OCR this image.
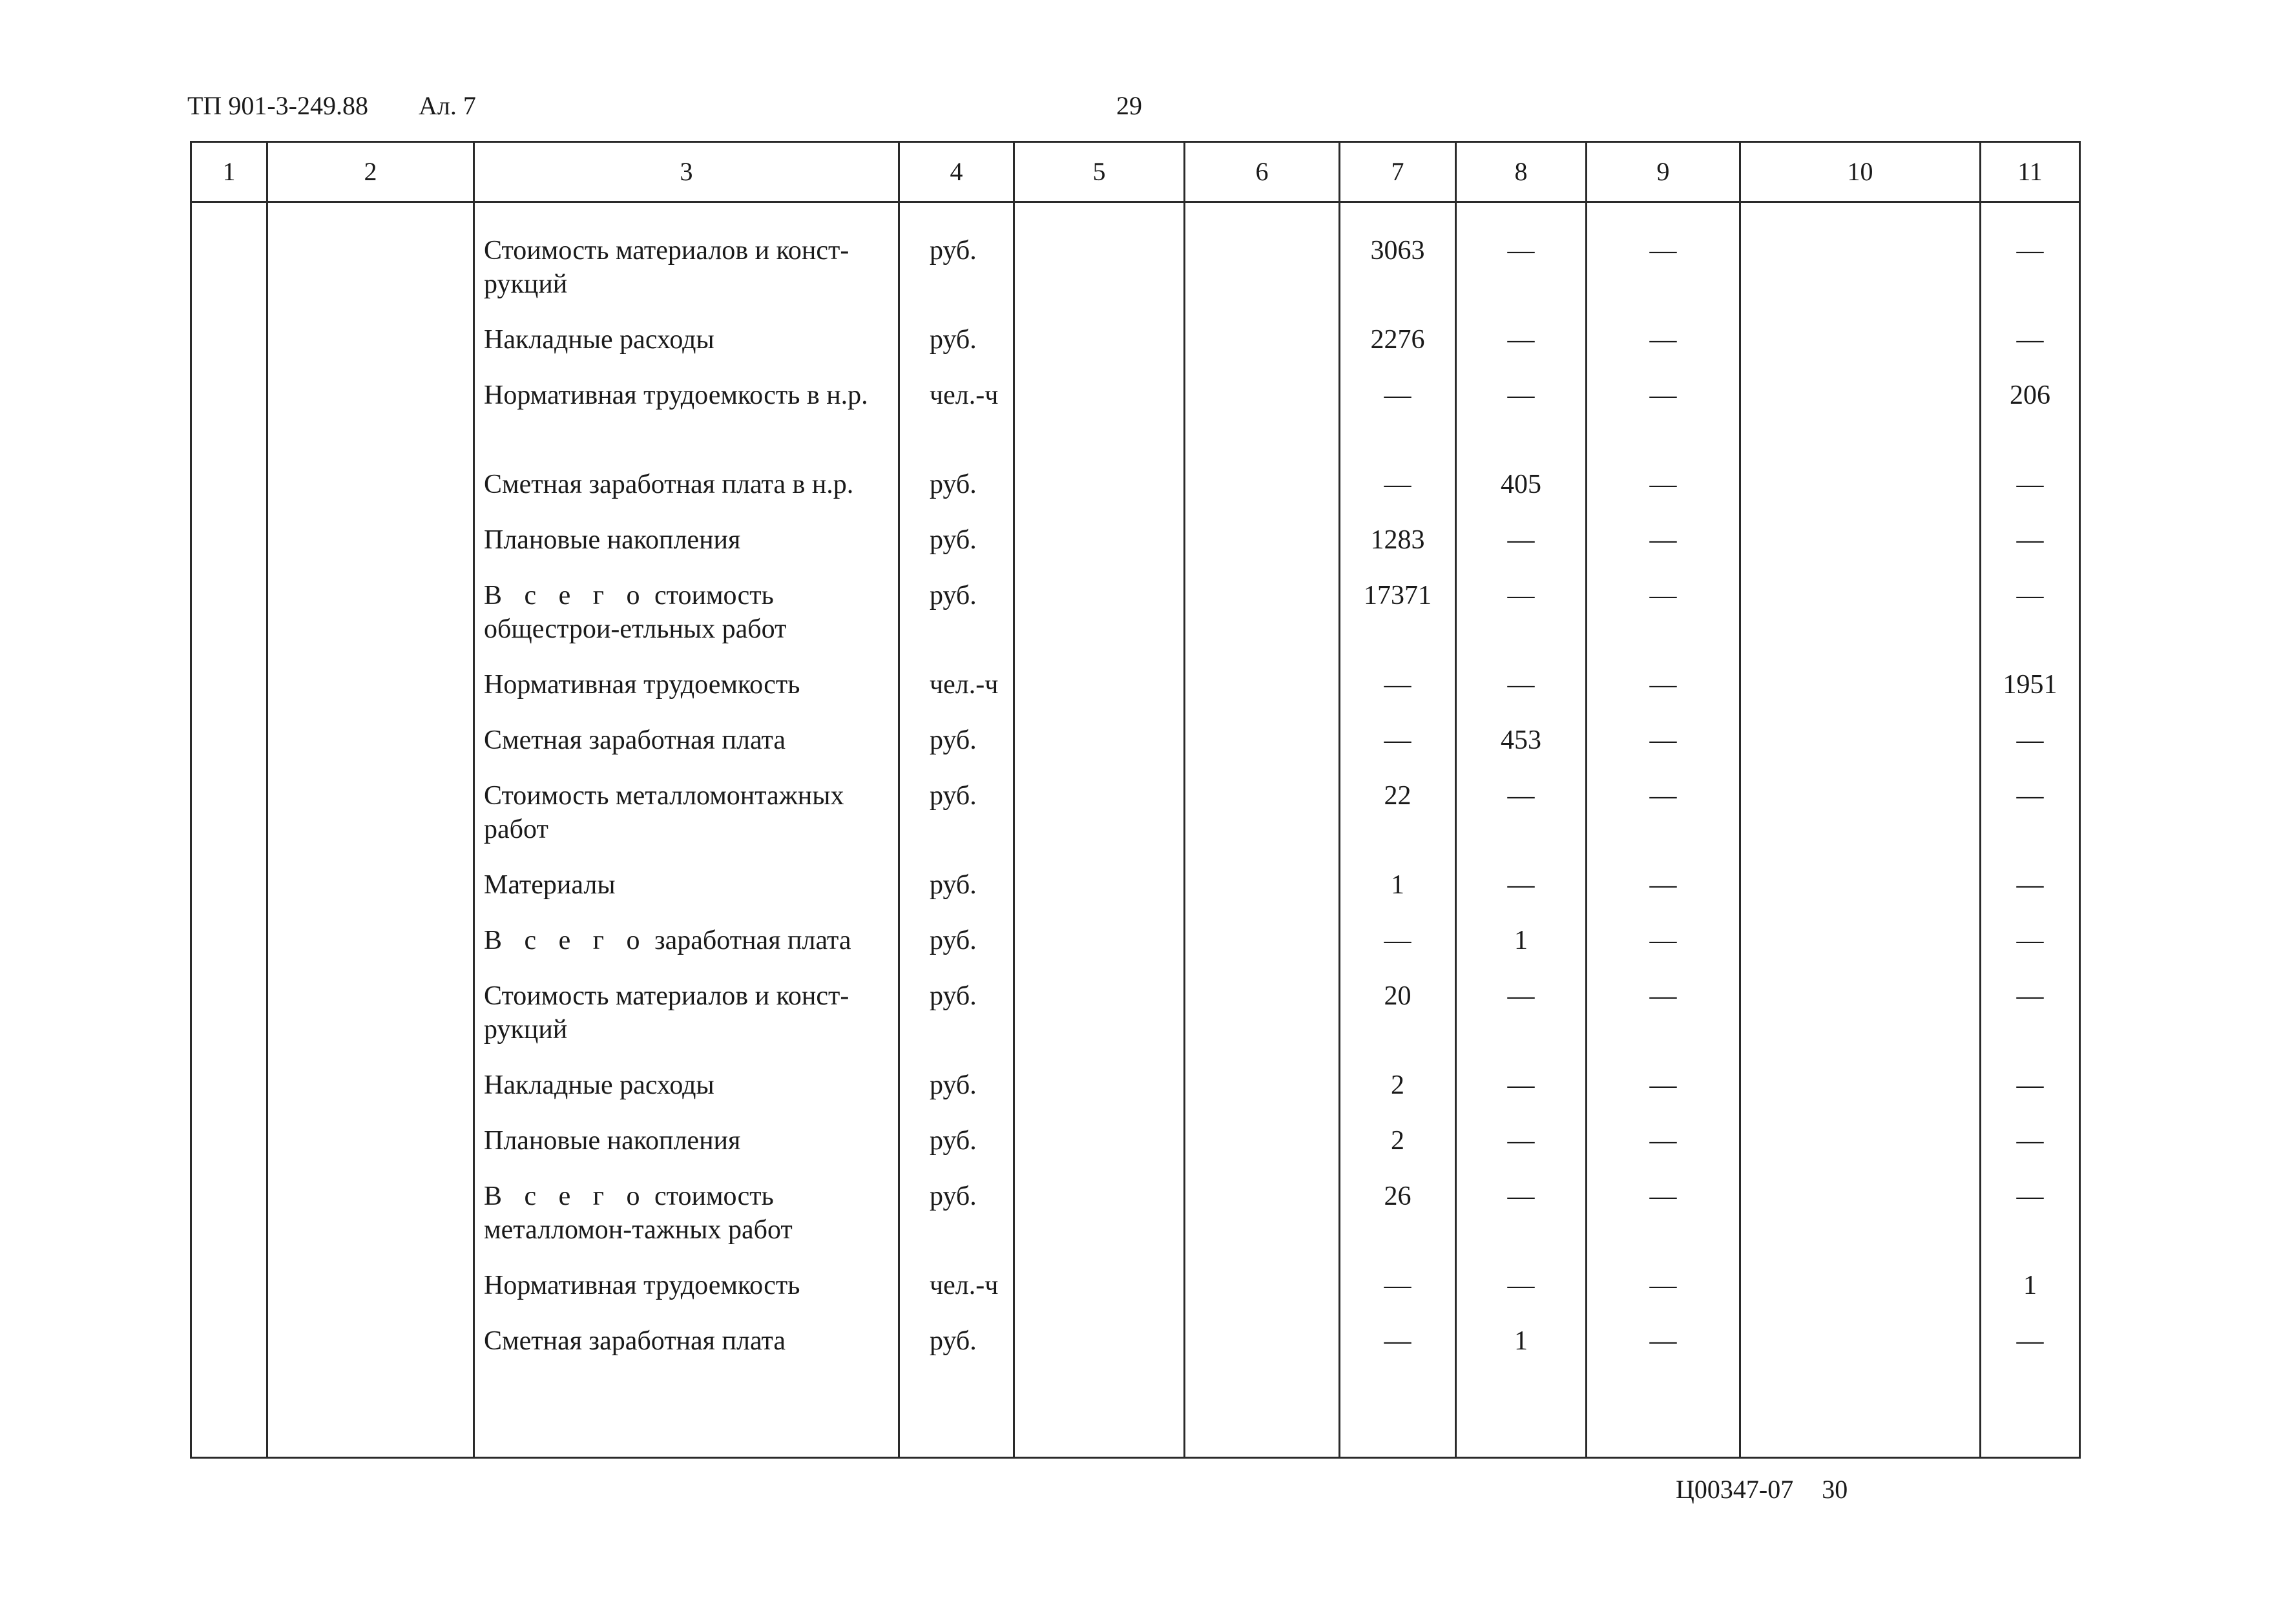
ТП 901-3-249.88 Ал. 7	29
1	2	3	4	5	6	7	8	9	10	11

		Стоимость материалов и конст-рукций	руб.			3063	—	—		—
		Накладные расходы	руб.			2276	—	—		—
		Нормативная трудоемкость в н.р.	чел.-ч			—	—	—		206
		Сметная заработная плата в н.р.	руб.			—	405	—		—
		Плановые накопления	руб.			1283	—	—		—
		В с е г о стоимость общестрои-етльных работ	руб.			17371	—	—		—
		Нормативная трудоемкость	чел.-ч			—	—	—		1951
		Сметная заработная плата	руб.			—	453	—		—
		Стоимость металломонтажных работ	руб.			22	—	—		—
		Материалы	руб.			1	—	—		—
		В с е г о заработная плата	руб.			—	1	—		—
		Стоимость материалов и конст-рукций	руб.			20	—	—		—
		Накладные расходы	руб.			2	—	—		—
		Плановые накопления	руб.			2	—	—		—
		В с е г о стоимость металломон-тажных работ	руб.			26	—	—		—
		Нормативная трудоемкость	чел.-ч			—	—	—		1
		Сметная заработная плата	руб.			—	1	—		—

Ц00347-07 30
